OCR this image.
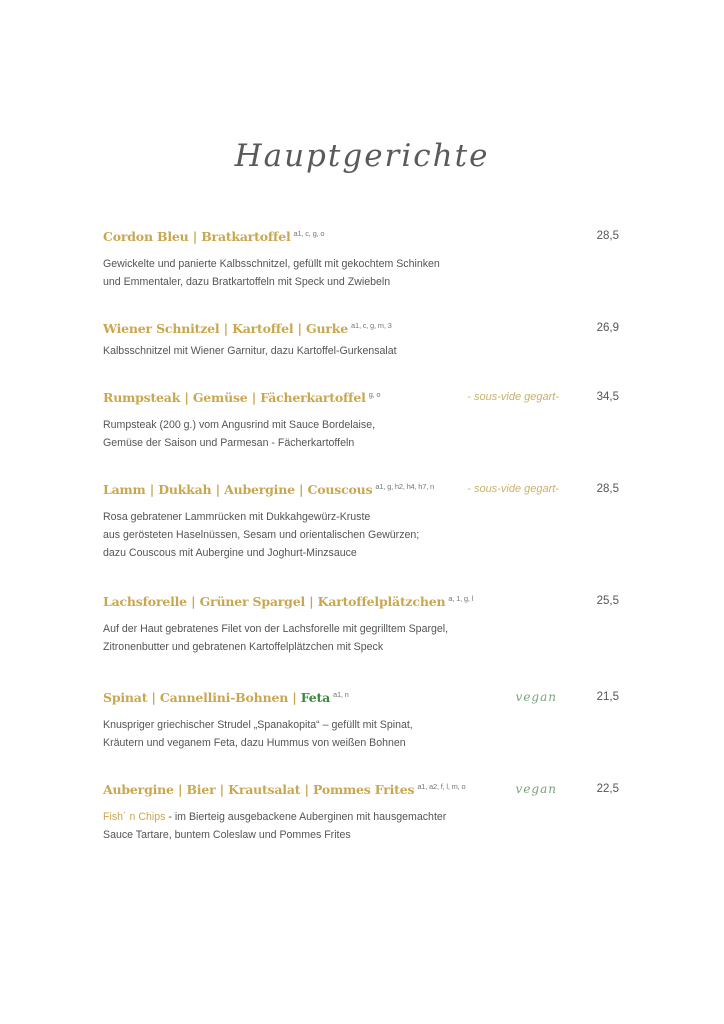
Hauptgerichte
Cordon Bleu | Bratkartoffel $^{a1, c, g, o}$	28,5
Gewickelte und panierte Kalbsschnitzel, gefüllt mit gekochtem Schinken
und Emmentaler, dazu Bratkartoffeln mit Speck und Zwiebeln
Wiener Schnitzel | Kartoffel | Gurke $^{a1, c, g, m, 3}$	26,9
Kalbsschnitzel mit Wiener Garnitur, dazu Kartoffel-Gurkensalat
Rumpsteak | Gemüse | Fächerkartoffel $^{g, o}$	- sous-vide gegart-	34,5
Rumpsteak (200 g.) vom Angusrind mit Sauce Bordelaise,
Gemüse der Saison und Parmesan - Fächerkartoffeln
Lamm | Dukkah | Aubergine | Couscous $^{a1, g, h2, h4, h7, n}$	- sous-vide gegart-	28,5
Rosa gebratener Lammrücken mit Dukkahgewürz-Kruste
aus gerösteten Haselnüssen, Sesam und orientalischen Gewürzen;
dazu Couscous mit Aubergine und Joghurt-Minzsauce
Lachsforelle | Grüner Spargel | Kartoffelplätzchen $^{a, 1, g, l}$	25,5
Auf der Haut gebratenes Filet von der Lachsforelle mit gegrilltem Spargel,
Zitronenbutter und gebratenen Kartoffelplätzchen mit Speck
Spinat | Cannellini-Bohnen | Feta $^{a1, n}$	vegan	21,5
Knuspriger griechischer Strudel „Spanakopita“ – gefüllt mit Spinat,
Kräutern und veganem Feta, dazu Hummus von weißen Bohnen
Aubergine | Bier | Krautsalat | Pommes Frites $^{a1, a2, f, l, m, o}$	vegan	22,5
Fish´ n Chips - im Bierteig ausgebackene Auberginen mit hausgemachter
Sauce Tartare, buntem Coleslaw und Pommes Frites
